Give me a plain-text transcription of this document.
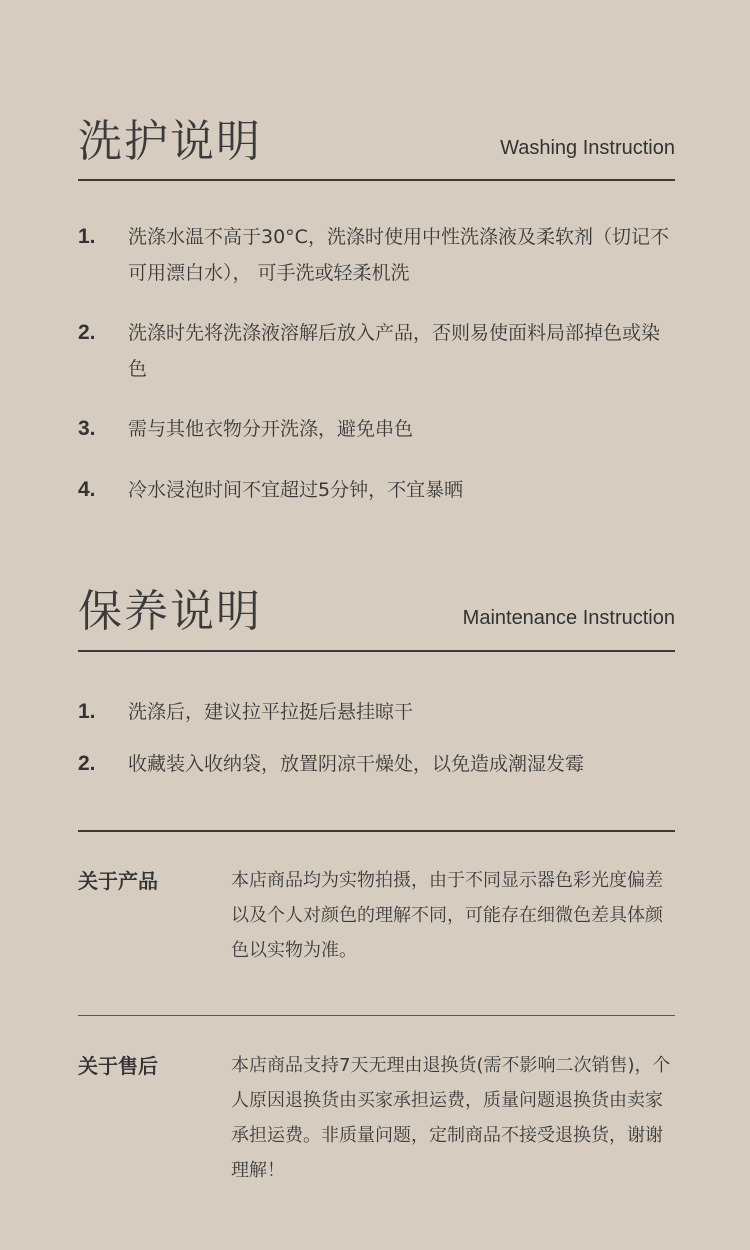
洗护说明	Washing Instruction
1. 洗涤水温不高于30°C，洗涤时使用中性洗涤液及柔软剂（切记不可用漂白水）， 可手洗或轻柔机洗
2. 洗涤时先将洗涤液溶解后放入产品，否则易使面料局部掉色或染色
3. 需与其他衣物分开洗涤，避免串色
4. 冷水浸泡时间不宜超过5分钟，不宜暴晒
保养说明	Maintenance Instruction
1. 洗涤后，建议拉平拉挺后悬挂晾干
2. 收藏装入收纳袋，放置阴凉干燥处，以免造成潮湿发霉
关于产品	本店商品均为实物拍摄，由于不同显示器色彩光度偏差以及个人对颜色的理解不同，可能存在细微色差具体颜色以实物为准。
关于售后	本店商品支持7天无理由退换货(需不影响二次销售)，个人原因退换货由买家承担运费，质量问题退换货由卖家承担运费。非质量问题，定制商品不接受退换货，谢谢理解！
